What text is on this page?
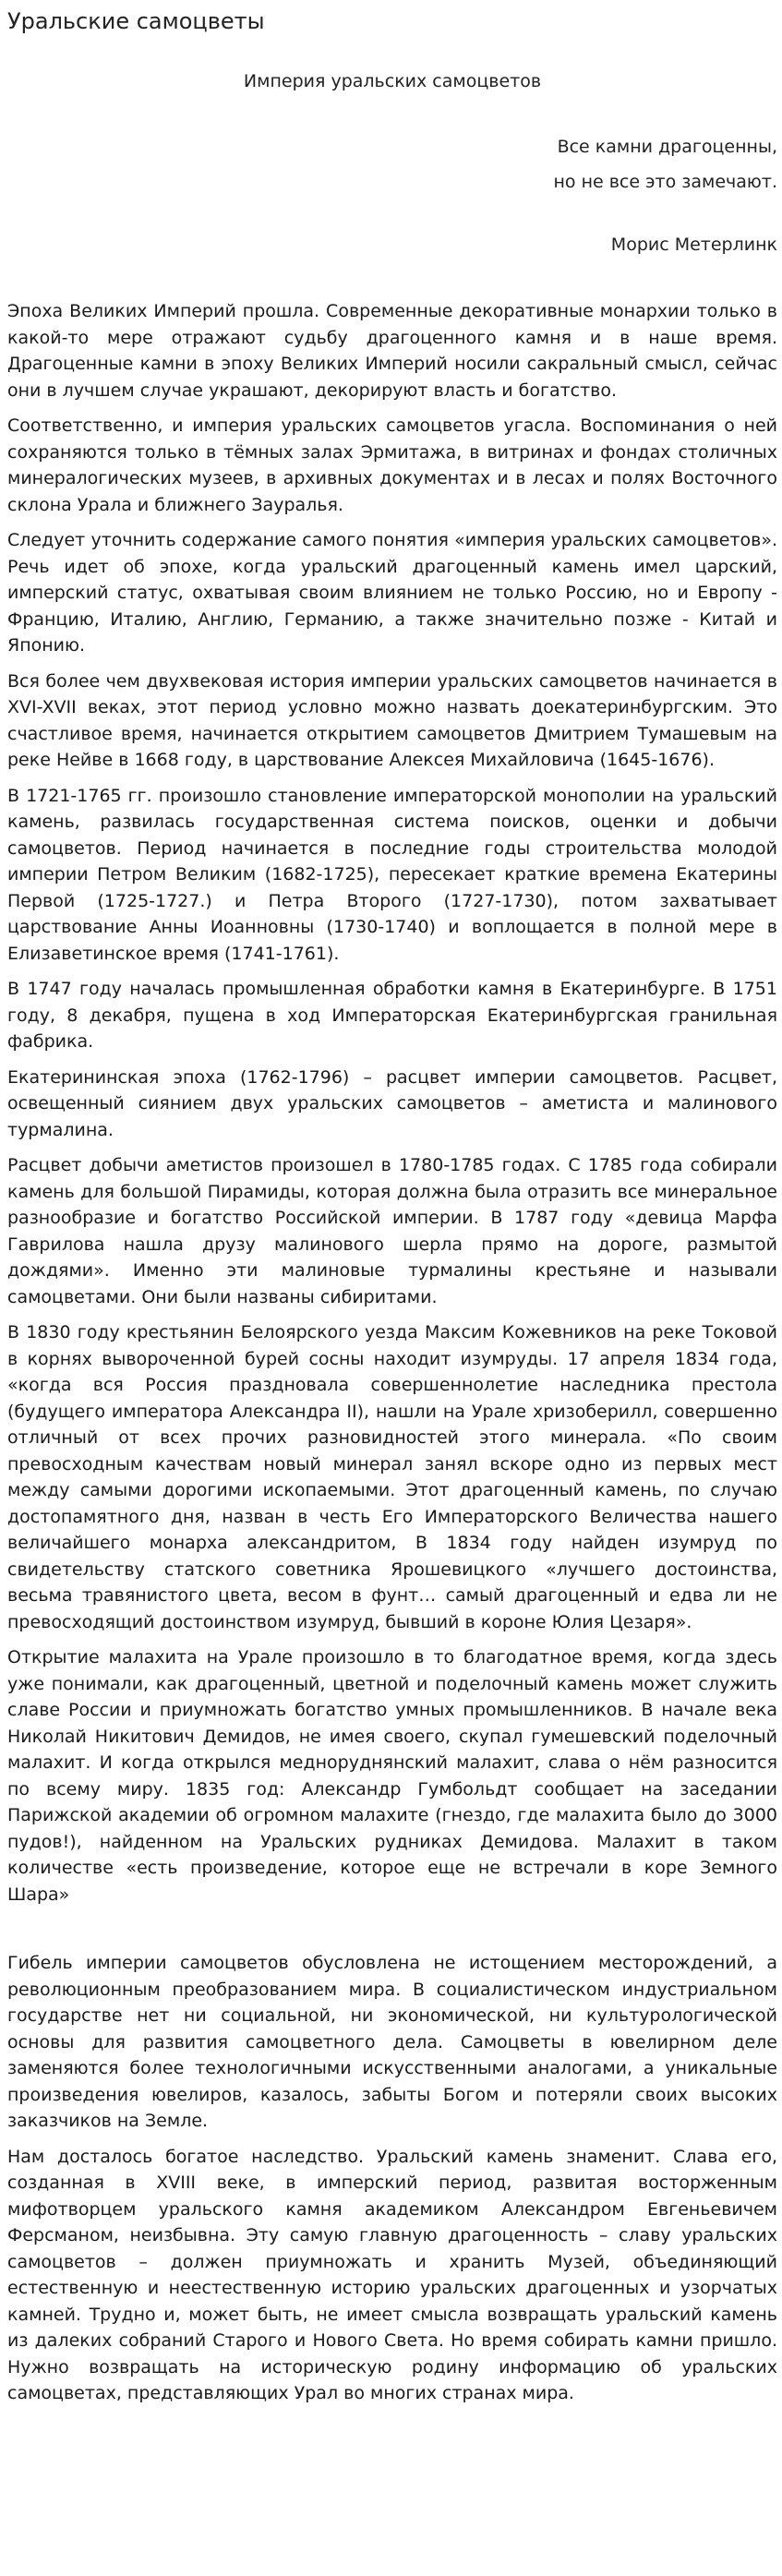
Уральские самоцветы
Империя уральских самоцветов
Все камни драгоценны,
но не все это замечают.
Морис Метерлинк

Эпоха Великих Империй прошла. Современные декоративные монархии только в какой-то мере отражают судьбу драгоценного камня и в наше время. Драгоценные камни в эпоху Великих Империй носили сакральный смысл, сейчас они в лучшем случае украшают, декорируют власть и богатство.

Соответственно, и империя уральских самоцветов угасла. Воспоминания о ней сохраняются только в тёмных залах Эрмитажа, в витринах и фондах столичных минералогических музеев, в архивных документах и в лесах и полях Восточного склона Урала и ближнего Зауралья.

Следует уточнить содержание самого понятия «империя уральских самоцветов». Речь идет об эпохе, когда уральский драгоценный камень имел царский, имперский статус, охватывая своим влиянием не только Россию, но и Европу - Францию, Италию, Англию, Германию, а также значительно позже - Китай и Японию.

Вся более чем двухвековая история империи уральских самоцветов начинается в XVI-XVII веках, этот период условно можно назвать доекатеринбургским. Это счастливое время, начинается открытием самоцветов Дмитрием Тумашевым на реке Нейве в 1668 году, в царствование Алексея Михайловича (1645-1676).

В 1721-1765 гг. произошло становление императорской монополии на уральский камень, развилась государственная система поисков, оценки и добычи самоцветов. Период начинается в последние годы строительства молодой империи Петром Великим (1682-1725), пересекает краткие времена Екатерины Первой (1725-1727.) и Петра Второго (1727-1730), потом захватывает царствование Анны Иоанновны (1730-1740) и воплощается в полной мере в Елизаветинское время (1741-1761).

В 1747 году началась промышленная обработки камня в Екатеринбурге. В 1751 году, 8 декабря, пущена в ход Императорская Екатеринбургская гранильная фабрика.

Екатерининская эпоха (1762-1796) – расцвет империи самоцветов. Расцвет, освещенный сиянием двух уральских самоцветов – аметиста и малинового турмалина.

Расцвет добычи аметистов произошел в 1780-1785 годах. С 1785 года собирали камень для большой Пирамиды, которая должна была отразить все минеральное разнообразие и богатство Российской империи. В 1787 году «девица Марфа Гаврилова нашла друзу малинового шерла прямо на дороге, размытой дождями». Именно эти малиновые турмалины крестьяне и называли самоцветами. Они были названы сибиритами.

В 1830 году крестьянин Белоярского уезда Максим Кожевников на реке Токовой в корнях вывороченной бурей сосны находит изумруды. 17 апреля 1834 года, «когда вся Россия праздновала совершеннолетие наследника престола (будущего императора Александра II), нашли на Урале хризоберилл, совершенно отличный от всех прочих разновидностей этого минерала. «По своим превосходным качествам новый минерал занял вскоре одно из первых мест между самыми дорогими ископаемыми. Этот драгоценный камень, по случаю достопамятного дня, назван в честь Его Императорского Величества нашего величайшего монарха александритом, В 1834 году найден изумруд по свидетельству статского советника Ярошевицкого «лучшего достоинства, весьма травянистого цвета, весом в фунт… самый драгоценный и едва ли не превосходящий достоинством изумруд, бывший в короне Юлия Цезаря».

Открытие малахита на Урале произошло в то благодатное время, когда здесь уже понимали, как драгоценный, цветной и поделочный камень может служить славе России и приумножать богатство умных промышленников. В начале века Николай Никитович Демидов, не имея своего, скупал гумешевский поделочный малахит. И когда открылся медноруднянский малахит, слава о нём разносится по всему миру. 1835 год: Александр Гумбольдт сообщает на заседании Парижской академии об огромном малахите (гнездо, где малахита было до 3000 пудов!), найденном на Уральских рудниках Демидова. Малахит в таком количестве «есть произведение, которое еще не встречали в коре Земного Шара»

Гибель империи самоцветов обусловлена не истощением месторождений, а революционным преобразованием мира. В социалистическом индустриальном государстве нет ни социальной, ни экономической, ни культурологической основы для развития самоцветного дела. Самоцветы в ювелирном деле заменяются более технологичными искусственными аналогами, а уникальные произведения ювелиров, казалось, забыты Богом и потеряли своих высоких заказчиков на Земле.

Нам досталось богатое наследство. Уральский камень знаменит. Слава его, созданная в XVIII веке, в имперский период, развитая восторженным мифотворцем уральского камня академиком Александром Евгеньевичем Ферсманом, неизбывна. Эту самую главную драгоценность – славу уральских самоцветов – должен приумножать и хранить Музей, объединяющий естественную и неестественную историю уральских драгоценных и узорчатых камней. Трудно и, может быть, не имеет смысла возвращать уральский камень из далеких собраний Старого и Нового Света. Но время собирать камни пришло. Нужно возвращать на историческую родину информацию об уральских самоцветах, представляющих Урал во многих странах мира.
